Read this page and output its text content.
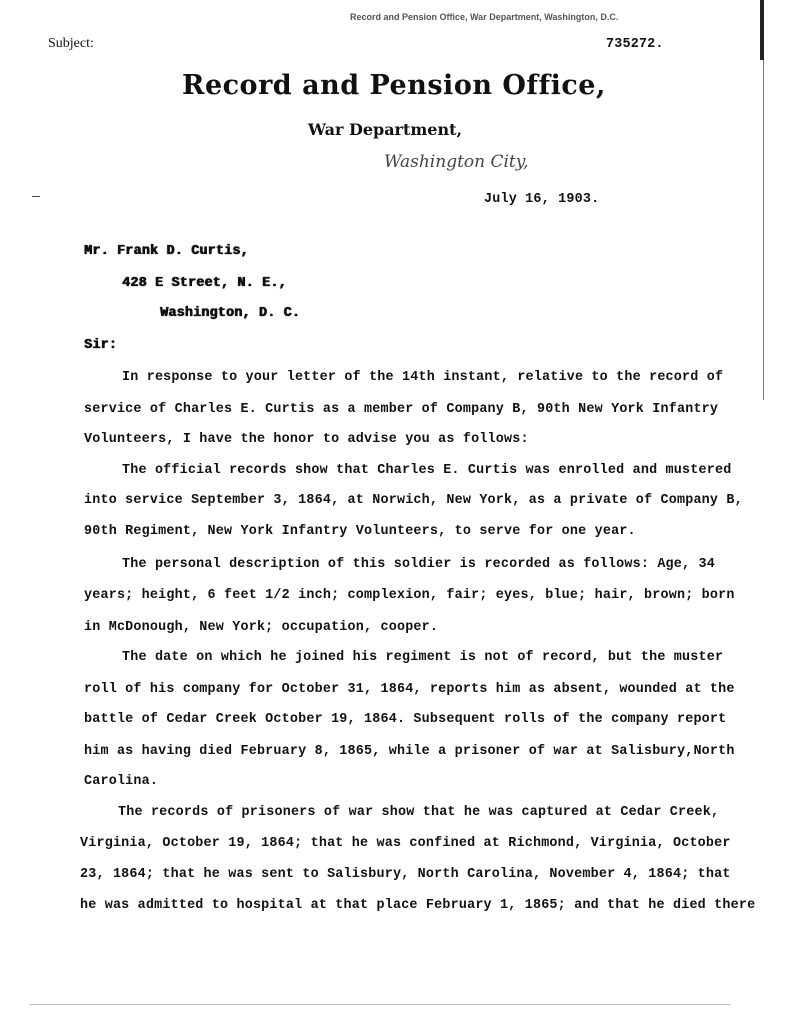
Record and Pension Office, War Department, Washington, D.C.
Subject:	735272.
Record and Pension Office,
War Department,
Washington City,
July 16, 1903.
Mr. Frank D. Curtis,
428 E Street, N. E.,
Washington, D. C.
Sir:
In response to your letter of the 14th instant, relative to the record of
service of Charles E. Curtis as a member of Company B, 90th New York Infantry
Volunteers, I have the honor to advise you as follows:
The official records show that Charles E. Curtis was enrolled and mustered
into service September 3, 1864, at Norwich, New York, as a private of Company B,
90th Regiment, New York Infantry Volunteers, to serve for one year.
The personal description of this soldier is recorded as follows: Age, 34
years; height, 6 feet 1/2 inch; complexion, fair; eyes, blue; hair, brown; born
in McDonough, New York; occupation, cooper.
The date on which he joined his regiment is not of record, but the muster
roll of his company for October 31, 1864, reports him as absent, wounded at the
battle of Cedar Creek October 19, 1864. Subsequent rolls of the company report
him as having died February 8, 1865, while a prisoner of war at Salisbury,North
Carolina.
The records of prisoners of war show that he was captured at Cedar Creek,
Virginia, October 19, 1864; that he was confined at Richmond, Virginia, October
23, 1864; that he was sent to Salisbury, North Carolina, November 4, 1864; that
he was admitted to hospital at that place February 1, 1865; and that he died there
